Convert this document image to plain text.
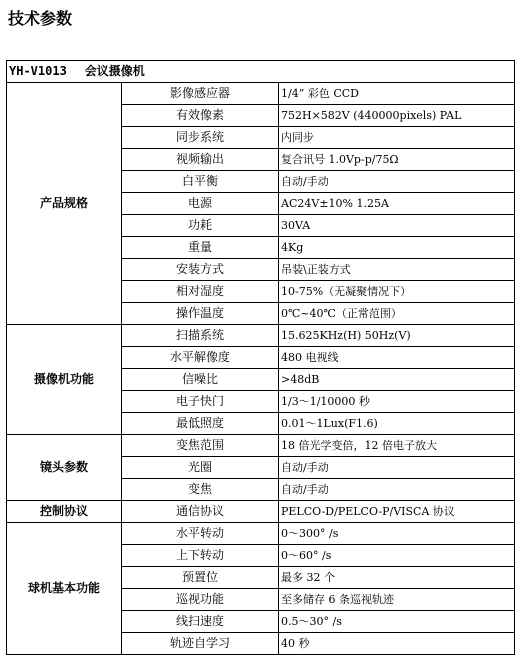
技术参数
YH-V1013 会议摄像机		
产品规格	影像感应器	1/4” 彩色 CCD
	有效像素	752H×582V (440000pixels) PAL
	同步系统	内同步
	视频输出	复合讯号 1.0Vp-p/75Ω
	白平衡	自动/手动
	电源	AC24V±10% 1.25A
	功耗	30VA
	重量	4Kg
	安装方式	吊装\正装方式
	相对湿度	10-75%（无凝聚情况下）
	操作温度	0℃~40℃（正常范围）
摄像机功能	扫描系统	15.625KHz(H) 50Hz(V)
	水平解像度	480 电视线
	信噪比	>48dB
	电子快门	1/3～1/10000 秒
	最低照度	0.01～1Lux(F1.6)
镜头参数	变焦范围	18 倍光学变倍，12 倍电子放大
	光圈	自动/手动
	变焦	自动/手动
控制协议	通信协议	PELCO-D/PELCO-P/VISCA 协议
球机基本功能	水平转动	0～300° /s
	上下转动	0～60° /s
	预置位	最多 32 个
	巡视功能	至多储存 6 条巡视轨迹
	线扫速度	0.5～30° /s
	轨迹自学习	40 秒
